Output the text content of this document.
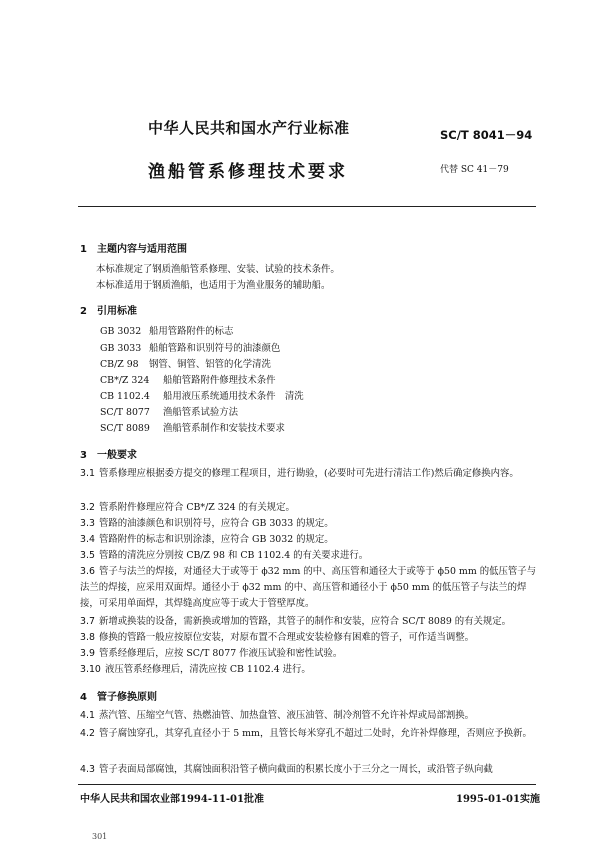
中华人民共和国水产行业标准	SC/T 8041－94
渔船管系修理技术要求	代替 SC 41－79
1　主题内容与适用范围
本标准规定了钢质渔船管系修理、安装、试验的技术条件。
本标准适用于钢质渔船，也适用于为渔业服务的辅助船。
2　引用标准
GB 3032 船用管路附件的标志
GB 3033 船舶管路和识别符号的油漆颜色
CB/Z 98 钢管、铜管、铝管的化学清洗
CB*/Z 324 船舶管路附件修理技术条件
CB 1102.4 船用液压系统通用技术条件　清洗
SC/T 8077 渔船管系试验方法
SC/T 8089 渔船管系制作和安装技术要求
3　一般要求
3.1 管系修理应根据委方提交的修理工程项目，进行勘验，(必要时可先进行清洁工作)然后确定修换内容。
3.2 管系附件修理应符合 CB*/Z 324 的有关规定。
3.3 管路的油漆颜色和识别符号，应符合 GB 3033 的规定。
3.4 管路附件的标志和识别涂漆，应符合 GB 3032 的规定。
3.5 管路的清洗应分别按 CB/Z 98 和 CB 1102.4 的有关要求进行。
3.6 管子与法兰的焊接，对通径大于或等于 ϕ32 mm 的中、高压管和通径大于或等于 ϕ50 mm 的低压管子与法兰的焊接，应采用双面焊。通径小于 ϕ32 mm 的中、高压管和通径小于 ϕ50 mm 的低压管子与法兰的焊接，可采用单面焊，其焊缝高度应等于或大于管壁厚度。
3.7 新增或换装的设备，需新换或增加的管路，其管子的制作和安装，应符合 SC/T 8089 的有关规定。
3.8 修换的管路一般应按原位安装，对原布置不合理或安装检修有困难的管子，可作适当调整。
3.9 管系经修理后，应按 SC/T 8077 作液压试验和密性试验。
3.10 液压管系经修理后，清洗应按 CB 1102.4 进行。
4　管子修换原则
4.1 蒸汽管、压缩空气管、热燃油管、加热盘管、液压油管、制冷剂管不允许补焊或局部割换。
4.2 管子腐蚀穿孔，其穿孔直径小于 5 mm，且管长每米穿孔不超过二处时，允许补焊修理，否则应予换新。
4.3 管子表面局部腐蚀，其腐蚀面积沿管子横向截面的积累长度小于三分之一周长，或沿管子纵向截
中华人民共和国农业部1994-11-01批准	1995-01-01实施
301
